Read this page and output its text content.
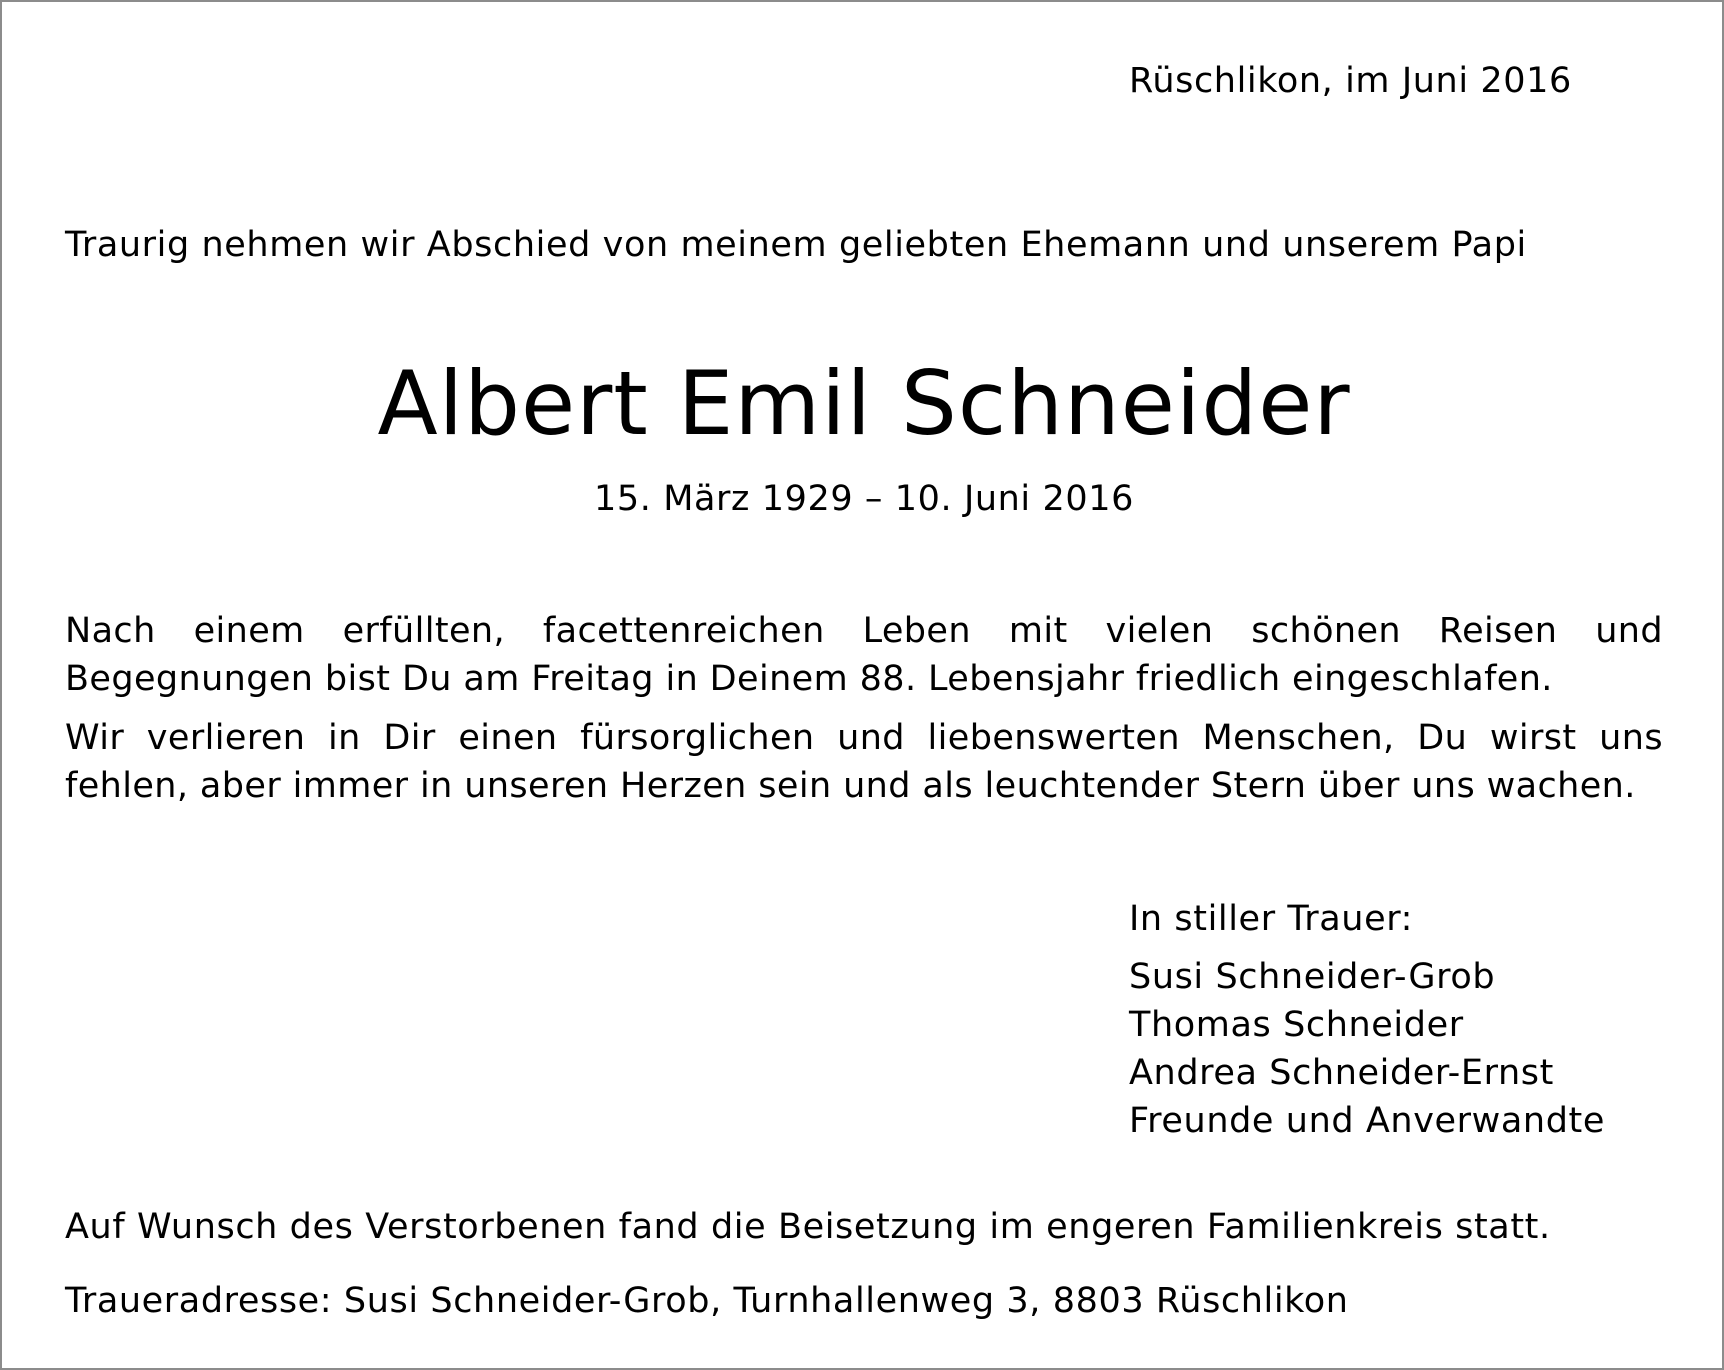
Rüschlikon, im Juni 2016
Traurig nehmen wir Abschied von meinem geliebten Ehemann und unserem Papi
Albert Emil Schneider
15. März 1929 – 10. Juni 2016
Nach einem erfüllten, facettenreichen Leben mit vielen schönen Reisen und Begegnungen bist Du am Freitag in Deinem 88. Lebensjahr friedlich eingeschlafen.
Wir verlieren in Dir einen fürsorglichen und liebenswerten Menschen, Du wirst uns fehlen, aber immer in unseren Herzen sein und als leuchtender Stern über uns wachen.
In stiller Trauer:
Susi Schneider-Grob
Thomas Schneider
Andrea Schneider-Ernst
Freunde und Anverwandte
Auf Wunsch des Verstorbenen fand die Beisetzung im engeren Familienkreis statt.
Traueradresse: Susi Schneider-Grob, Turnhallenweg 3, 8803 Rüschlikon
